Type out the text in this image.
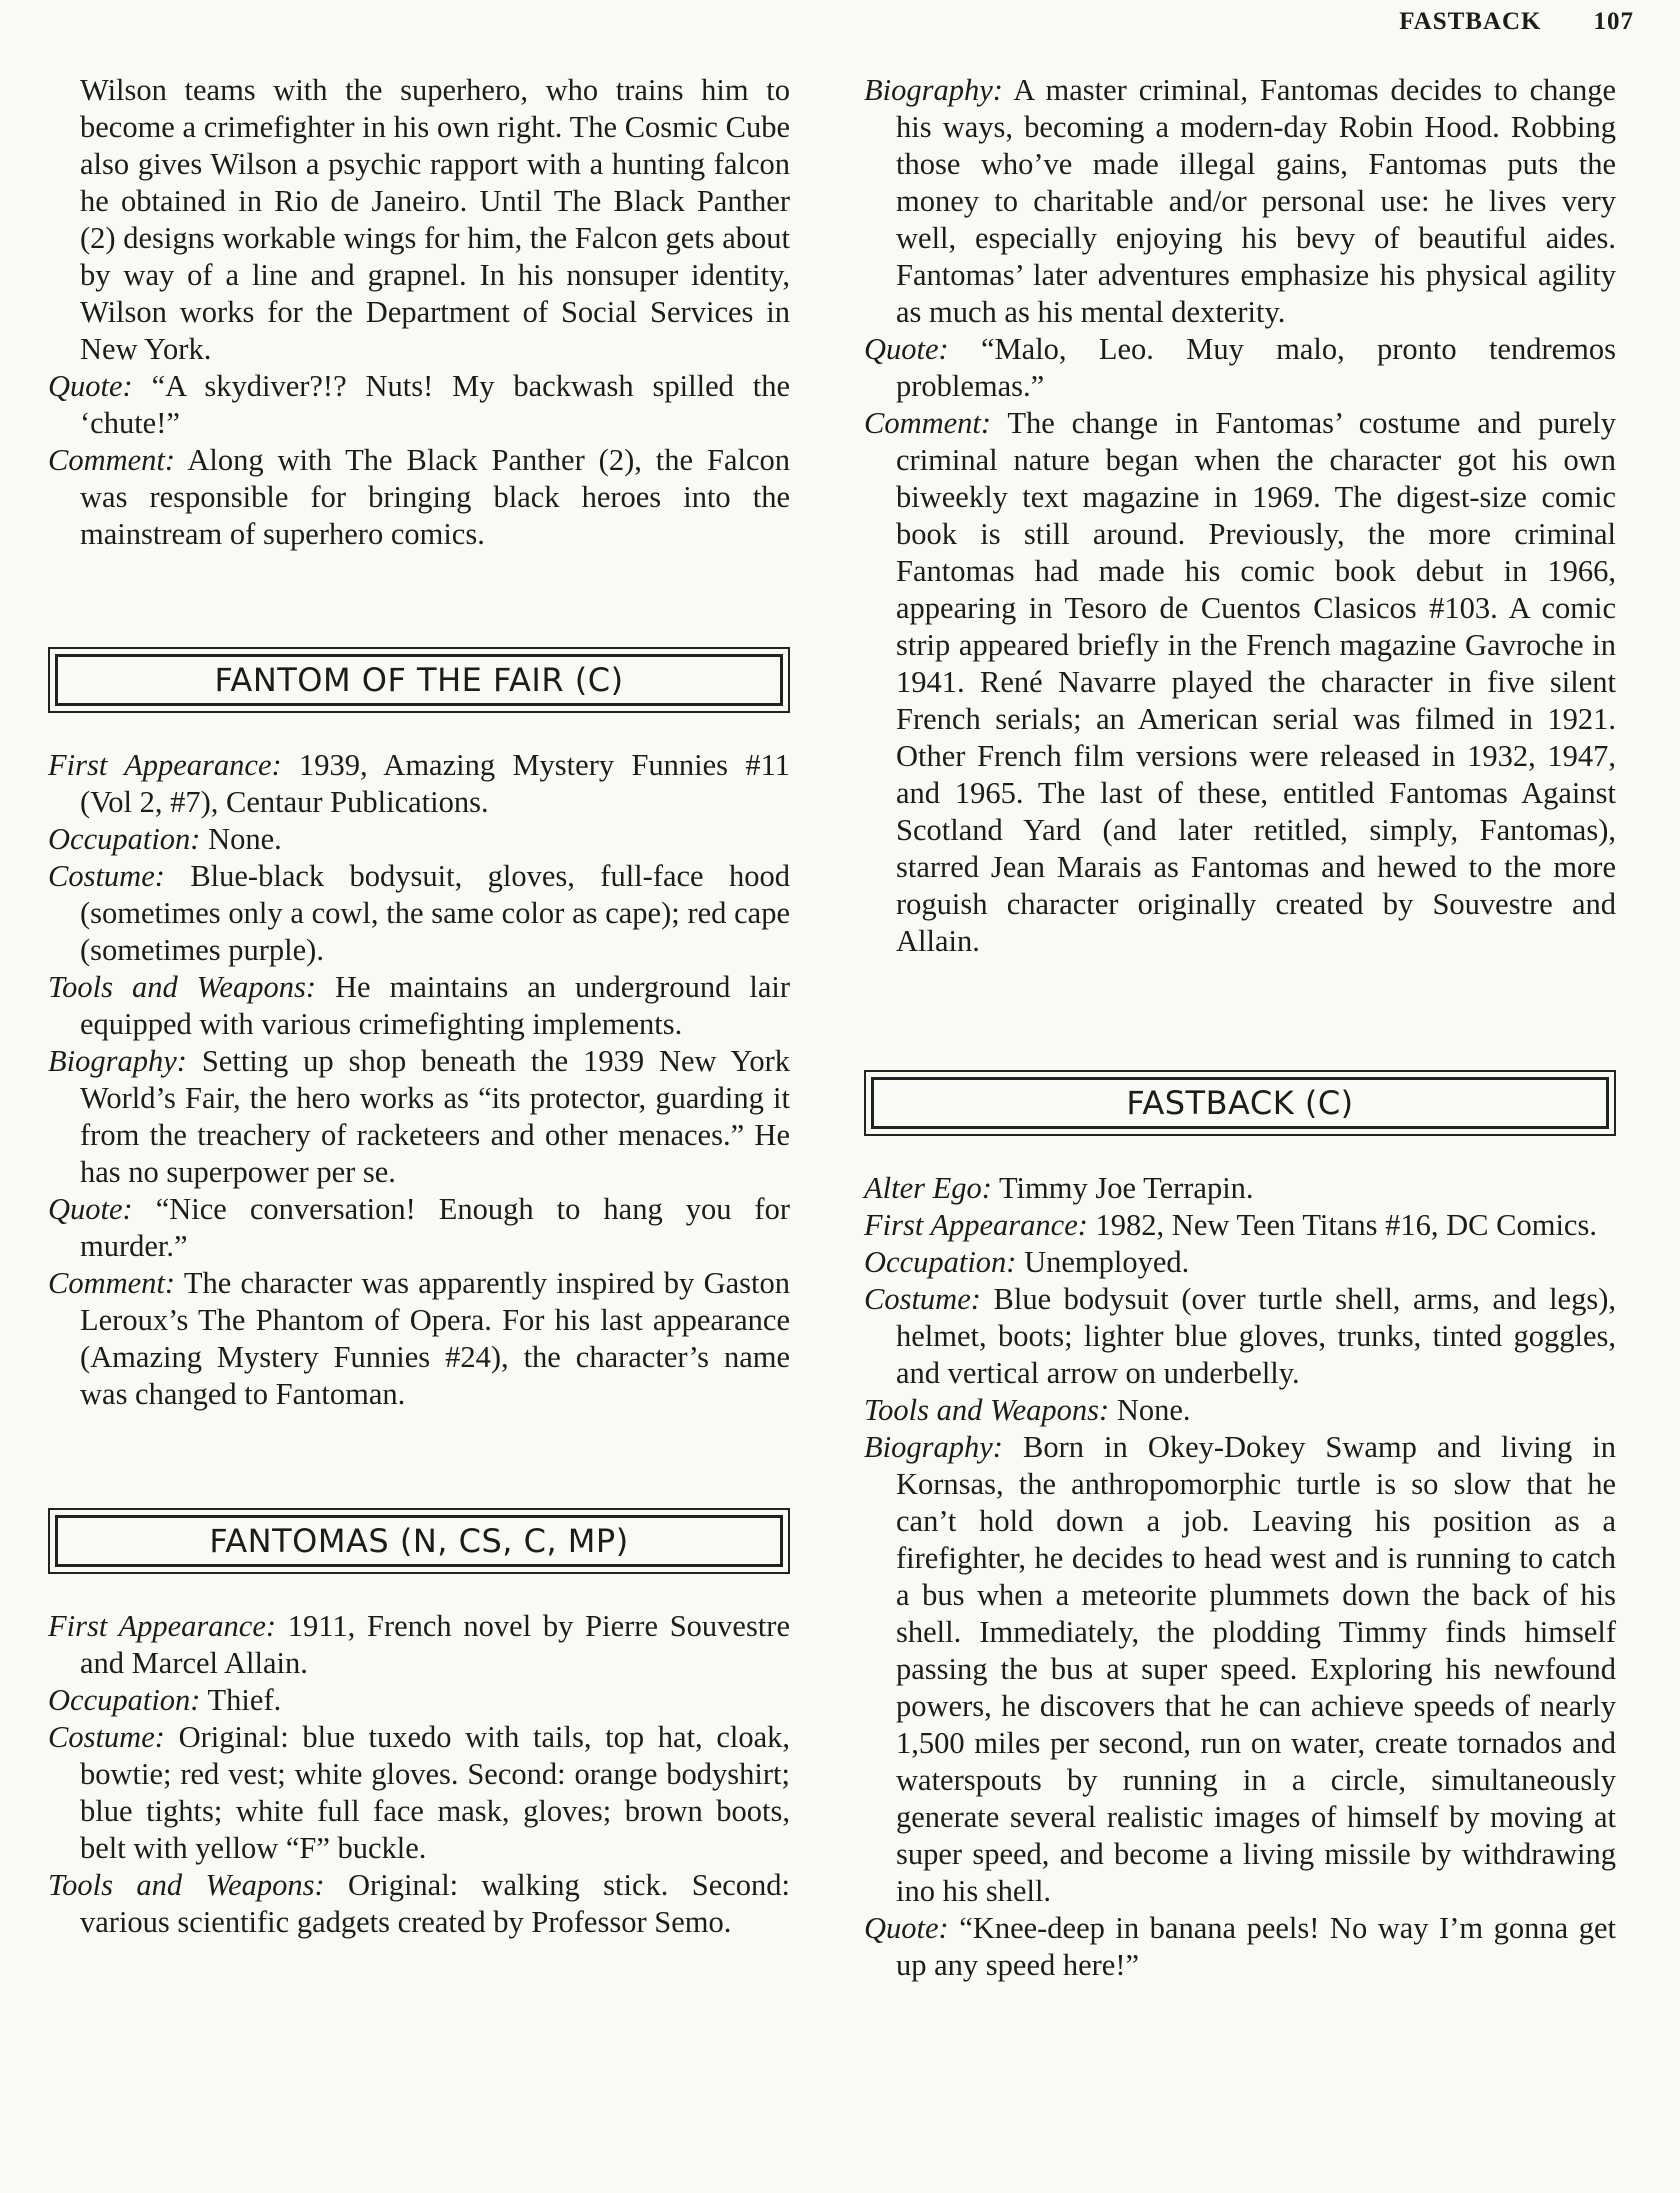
FASTBACK 107

Wilson teams with the superhero, who trains him to become a crimefighter in his own right. The Cosmic Cube also gives Wilson a psychic rapport with a hunting falcon he obtained in Rio de Janeiro. Until The Black Panther (2) designs workable wings for him, the Falcon gets about by way of a line and grapnel. In his nonsuper identity, Wilson works for the Department of Social Services in New York.

Quote: “A skydiver?!? Nuts! My backwash spilled the ‘chute!”

Comment: Along with The Black Panther (2), the Falcon was responsible for bringing black heroes into the mainstream of superhero comics.

FANTOM OF THE FAIR (C)

First Appearance: 1939, Amazing Mystery Funnies #11 (Vol 2, #7), Centaur Publications.

Occupation: None.

Costume: Blue-black bodysuit, gloves, full-face hood (sometimes only a cowl, the same color as cape); red cape (sometimes purple).

Tools and Weapons: He maintains an underground lair equipped with various crimefighting implements.

Biography: Setting up shop beneath the 1939 New York World’s Fair, the hero works as “its protector, guarding it from the treachery of racketeers and other menaces.” He has no superpower per se.

Quote: “Nice conversation! Enough to hang you for murder.”

Comment: The character was apparently inspired by Gaston Leroux’s The Phantom of Opera. For his last appearance (Amazing Mystery Funnies #24), the character’s name was changed to Fantoman.

FANTOMAS (N, CS, C, MP)

First Appearance: 1911, French novel by Pierre Souvestre and Marcel Allain.

Occupation: Thief.

Costume: Original: blue tuxedo with tails, top hat, cloak, bowtie; red vest; white gloves. Second: orange bodyshirt; blue tights; white full face mask, gloves; brown boots, belt with yellow “F” buckle.

Tools and Weapons: Original: walking stick. Second: various scientific gadgets created by Professor Semo.

Biography: A master criminal, Fantomas decides to change his ways, becoming a modern-day Robin Hood. Robbing those who’ve made illegal gains, Fantomas puts the money to charitable and/or personal use: he lives very well, especially enjoying his bevy of beautiful aides. Fantomas’ later adventures emphasize his physical agility as much as his mental dexterity.

Quote: “Malo, Leo. Muy malo, pronto tendremos problemas.”

Comment: The change in Fantomas’ costume and purely criminal nature began when the character got his own biweekly text magazine in 1969. The digest-size comic book is still around. Previously, the more criminal Fantomas had made his comic book debut in 1966, appearing in Tesoro de Cuentos Clasicos #103. A comic strip appeared briefly in the French magazine Gavroche in 1941. René Navarre played the character in five silent French serials; an American serial was filmed in 1921. Other French film versions were released in 1932, 1947, and 1965. The last of these, entitled Fantomas Against Scotland Yard (and later retitled, simply, Fantomas), starred Jean Marais as Fantomas and hewed to the more roguish character originally created by Souvestre and Allain.

FASTBACK (C)

Alter Ego: Timmy Joe Terrapin.

First Appearance: 1982, New Teen Titans #16, DC Comics.

Occupation: Unemployed.

Costume: Blue bodysuit (over turtle shell, arms, and legs), helmet, boots; lighter blue gloves, trunks, tinted goggles, and vertical arrow on underbelly.

Tools and Weapons: None.

Biography: Born in Okey-Dokey Swamp and living in Kornsas, the anthropomorphic turtle is so slow that he can’t hold down a job. Leaving his position as a firefighter, he decides to head west and is running to catch a bus when a meteorite plummets down the back of his shell. Immediately, the plodding Timmy finds himself passing the bus at super speed. Exploring his newfound powers, he discovers that he can achieve speeds of nearly 1,500 miles per second, run on water, create tornados and waterspouts by running in a circle, simultaneously generate several realistic images of himself by moving at super speed, and become a living missile by withdrawing ino his shell.

Quote: “Knee-deep in banana peels! No way I’m gonna get up any speed here!”
